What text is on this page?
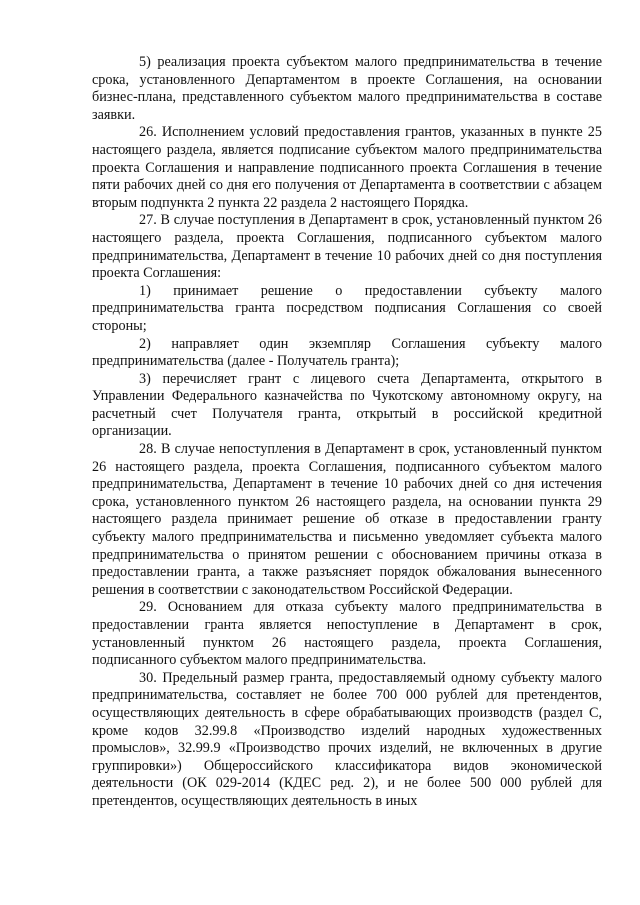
5) реализация проекта субъектом малого предпринимательства в течение срока, установленного Департаментом в проекте Соглашения, на основании бизнес-плана, представленного субъектом малого предпринимательства в составе заявки.

26. Исполнением условий предоставления грантов, указанных в пункте 25 настоящего раздела, является подписание субъектом малого предпринимательства проекта Соглашения и направление подписанного проекта Соглашения в течение пяти рабочих дней со дня его получения от Департамента в соответствии с абзацем вторым подпункта 2 пункта 22 раздела 2 настоящего Порядка.

27. В случае поступления в Департамент в срок, установленный пунктом 26 настоящего раздела, проекта Соглашения, подписанного субъектом малого предпринимательства, Департамент в течение 10 рабочих дней со дня поступления проекта Соглашения:

1) принимает решение о предоставлении субъекту малого предпринимательства гранта посредством подписания Соглашения со своей стороны;

2) направляет один экземпляр Соглашения субъекту малого предпринимательства (далее - Получатель гранта);

3) перечисляет грант с лицевого счета Департамента, открытого в Управлении Федерального казначейства по Чукотскому автономному округу, на расчетный счет Получателя гранта, открытый в российской кредитной организации.

28. В случае непоступления в Департамент в срок, установленный пунктом 26 настоящего раздела, проекта Соглашения, подписанного субъектом малого предпринимательства, Департамент в течение 10 рабочих дней со дня истечения срока, установленного пунктом 26 настоящего раздела, на основании пункта 29 настоящего раздела принимает решение об отказе в предоставлении гранту субъекту малого предпринимательства и письменно уведомляет субъекта малого предпринимательства о принятом решении с обоснованием причины отказа в предоставлении гранта, а также разъясняет порядок обжалования вынесенного решения в соответствии с законодательством Российской Федерации.

29. Основанием для отказа субъекту малого предпринимательства в предоставлении гранта является непоступление в Департамент в срок, установленный пунктом 26 настоящего раздела, проекта Соглашения, подписанного субъектом малого предпринимательства.

30. Предельный размер гранта, предоставляемый одному субъекту малого предпринимательства, составляет не более 700 000 рублей для претендентов, осуществляющих деятельность в сфере обрабатывающих производств (раздел С, кроме кодов 32.99.8 «Производство изделий народных художественных промыслов», 32.99.9 «Производство прочих изделий, не включенных в другие группировки») Общероссийского классификатора видов экономической деятельности (ОК 029-2014 (КДЕС ред. 2), и не более 500 000 рублей для претендентов, осуществляющих деятельность в иных
